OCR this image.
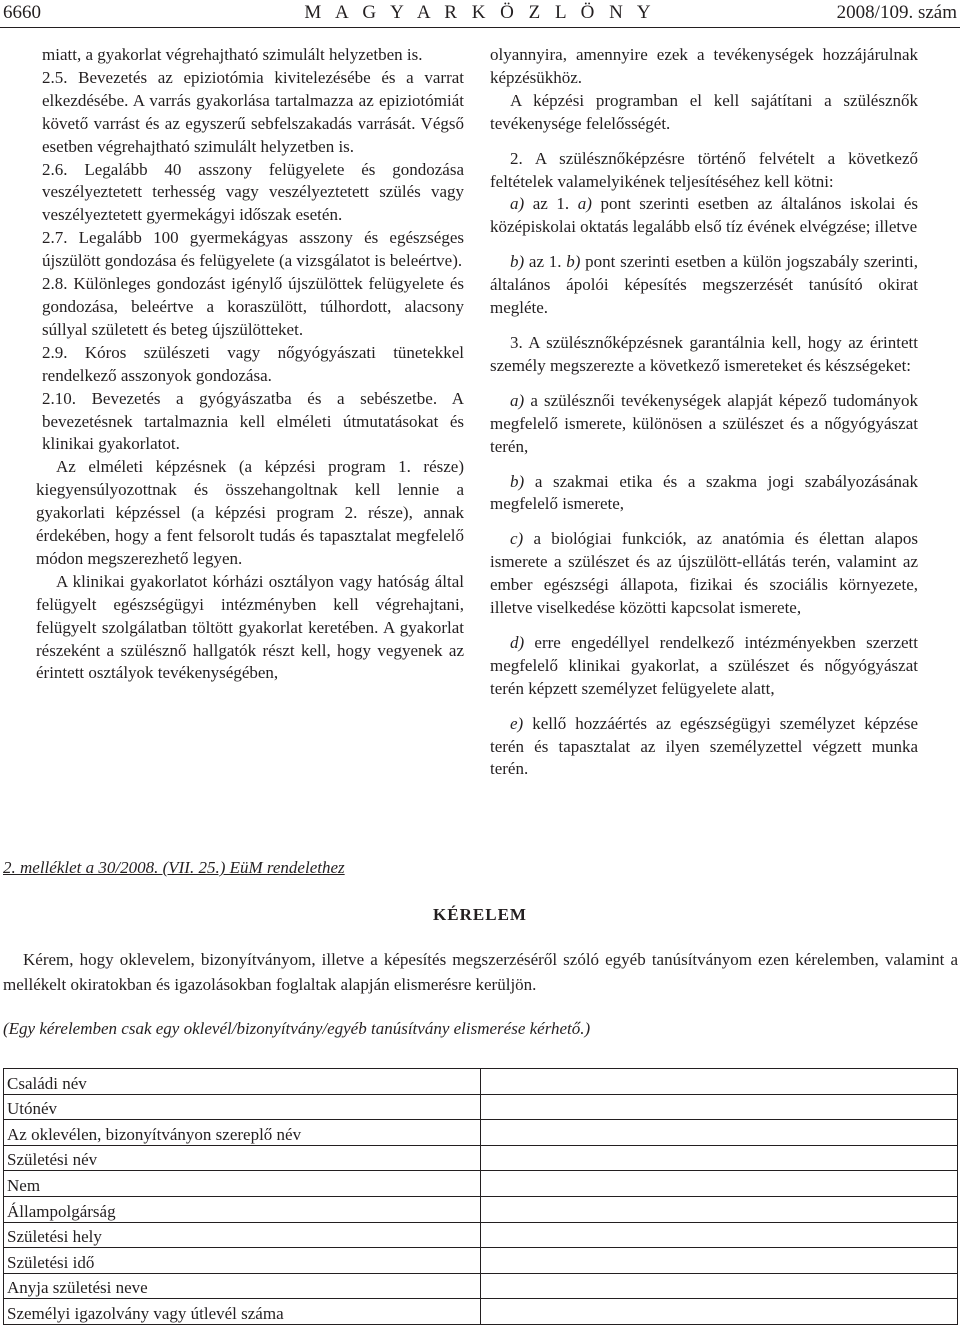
6660	M A G Y A R K Ö Z L Ö N Y	2008/109. szám

miatt, a gyakorlat végrehajtható szimulált helyzetben is.

2.5. Bevezetés az epiziotómia kivitelezésébe és a varrat elkezdésébe. A varrás gyakorlása tartalmazza az epiziotómiát követő varrást és az egyszerű sebfelszakadás varrását. Végső esetben végrehajtható szimulált helyzetben is.

2.6. Legalább 40 asszony felügyelete és gondozása veszélyeztetett terhesség vagy veszélyeztetett szülés vagy veszélyeztetett gyermekágyi időszak esetén.

2.7. Legalább 100 gyermekágyas asszony és egészséges újszülött gondozása és felügyelete (a vizsgálatot is beleértve).

2.8. Különleges gondozást igénylő újszülöttek felügyelete és gondozása, beleértve a koraszülött, túlhordott, alacsony súllyal született és beteg újszülötteket.

2.9. Kóros szülészeti vagy nőgyógyászati tünetekkel rendelkező asszonyok gondozása.

2.10. Bevezetés a gyógyászatba és a sebészetbe. A bevezetésnek tartalmaznia kell elméleti útmutatásokat és klinikai gyakorlatot.

Az elméleti képzésnek (a képzési program 1. része) kiegyensúlyozottnak és összehangoltnak kell lennie a gyakorlati képzéssel (a képzési program 2. része), annak érdekében, hogy a fent felsorolt tudás és tapasztalat megfelelő módon megszerezhető legyen.

A klinikai gyakorlatot kórházi osztályon vagy hatóság által felügyelt egészségügyi intézményben kell végrehajtani, felügyelt szolgálatban töltött gyakorlat keretében. A gyakorlat részeként a szülésznő hallgatók részt kell, hogy vegyenek az érintett osztályok tevékenységében,

olyannyira, amennyire ezek a tevékenységek hozzájárulnak képzésükhöz.

A képzési programban el kell sajátítani a szülésznők tevékenysége felelősségét.

2. A szülésznőképzésre történő felvételt a következő feltételek valamelyikének teljesítéséhez kell kötni:

a) az 1. a) pont szerinti esetben az általános iskolai és középiskolai oktatás legalább első tíz évének elvégzése; illetve

b) az 1. b) pont szerinti esetben a külön jogszabály szerinti, általános ápolói képesítés megszerzését tanúsító okirat megléte.

3. A szülésznőképzésnek garantálnia kell, hogy az érintett személy megszerezte a következő ismereteket és készségeket:

a) a szülésznői tevékenységek alapját képező tudományok megfelelő ismerete, különösen a szülészet és a nőgyógyászat terén,

b) a szakmai etika és a szakma jogi szabályozásának megfelelő ismerete,

c) a biológiai funkciók, az anatómia és élettan alapos ismerete a szülészet és az újszülött-ellátás terén, valamint az ember egészségi állapota, fizikai és szociális környezete, illetve viselkedése közötti kapcsolat ismerete,

d) erre engedéllyel rendelkező intézményekben szerzett megfelelő klinikai gyakorlat, a szülészet és nőgyógyászat terén képzett személyzet felügyelete alatt,

e) kellő hozzáértés az egészségügyi személyzet képzése terén és tapasztalat az ilyen személyzettel végzett munka terén.

2. melléklet a 30/2008. (VII. 25.) EüM rendelethez
KÉRELEM
Kérem, hogy oklevelem, bizonyítványom, illetve a képesítés megszerzéséről szóló egyéb tanúsítványom ezen kérelemben, valamint a mellékelt okiratokban és igazolásokban foglaltak alapján elismerésre kerüljön.
(Egy kérelemben csak egy oklevél/bizonyítvány/egyéb tanúsítvány elismerése kérhető.)
Családi név	
Utónév	
Az oklevélen, bizonyítványon szereplő név	
Születési név	
Nem	
Állampolgárság	
Születési hely	
Születési idő	
Anyja születési neve	
Személyi igazolvány vagy útlevél száma	
